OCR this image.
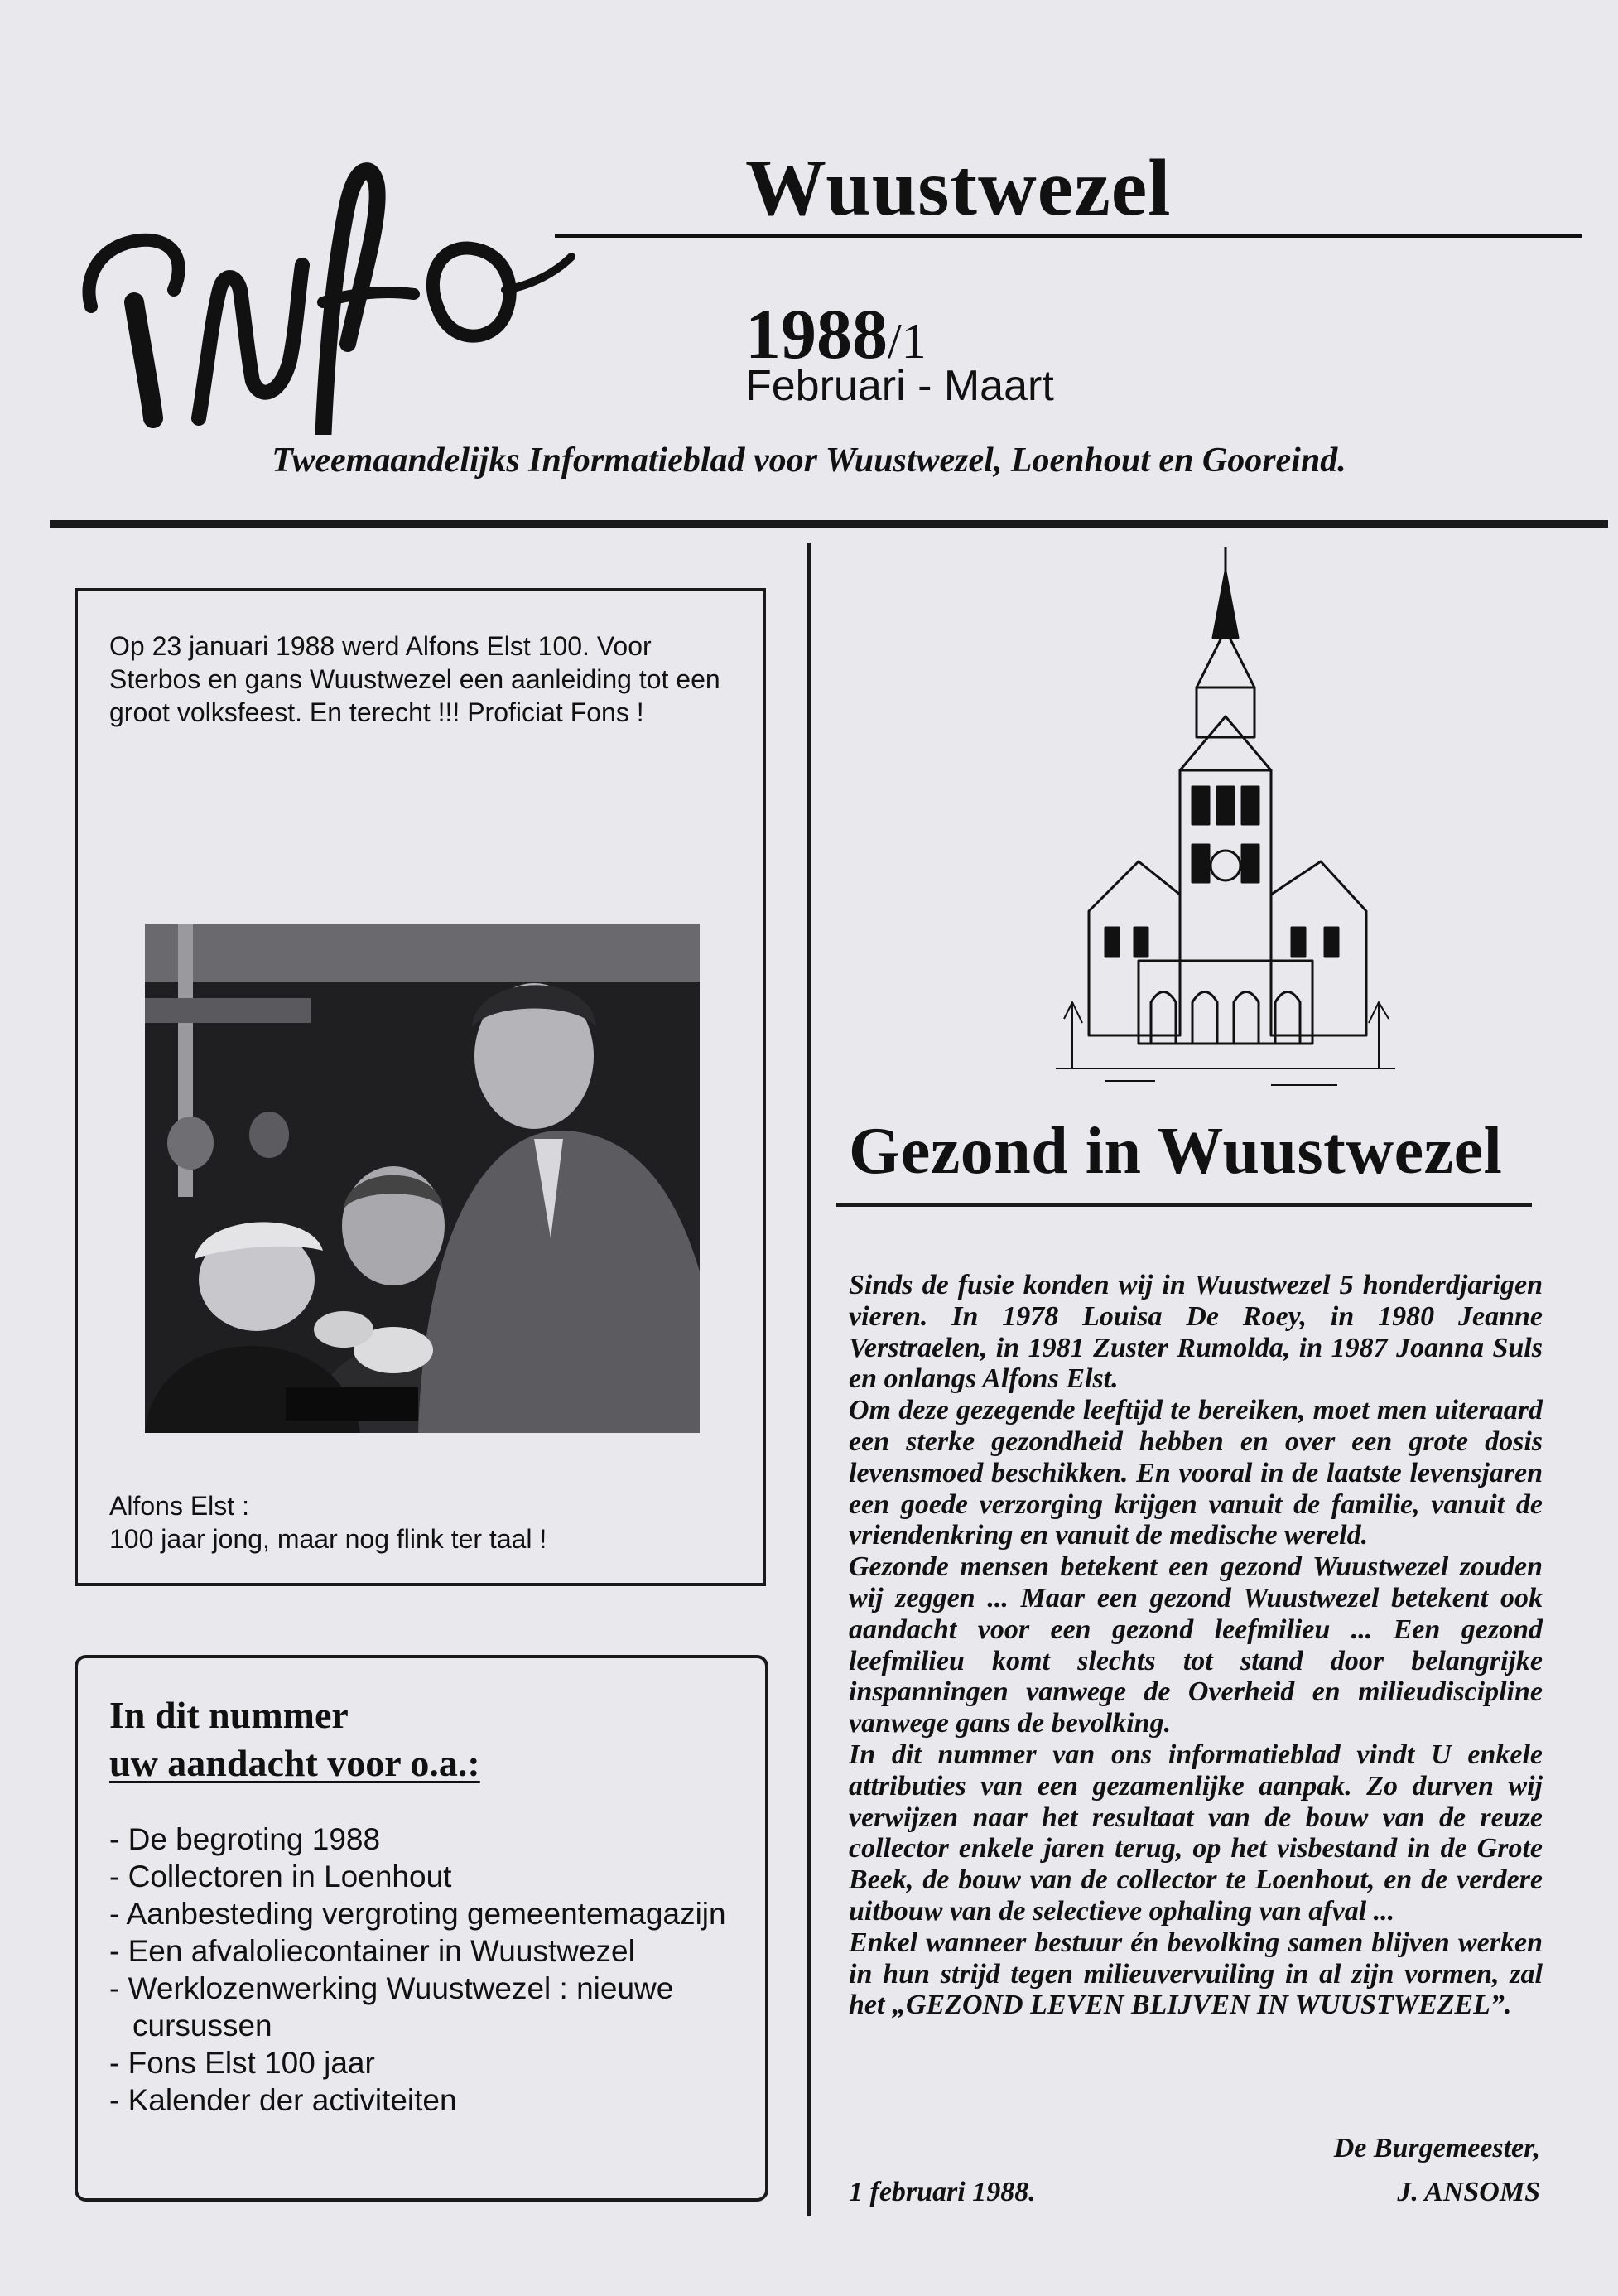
Wuustwezel
1988/1
Februari - Maart
Tweemaandelijks Informatieblad voor Wuustwezel, Loenhout en Gooreind.
Op 23 januari 1988 werd Alfons Elst 100. Voor Sterbos en gans Wuustwezel een aanleiding tot een groot volksfeest. En terecht !!! Proficiat Fons !
Alfons Elst :
100 jaar jong, maar nog flink ter taal !
In dit nummer
uw aandacht voor o.a.:
- De begroting 1988
- Collectoren in Loenhout
- Aanbesteding vergroting gemeentemagazijn
- Een afvaloliecontainer in Wuustwezel
- Werklozenwerking Wuustwezel : nieuwe cursussen
- Fons Elst 100 jaar
- Kalender der activiteiten
Gezond in Wuustwezel

Sinds de fusie konden wij in Wuustwezel 5 honderdjarigen vieren. In 1978 Louisa De Roey, in 1980 Jeanne Verstraelen, in 1981 Zuster Rumolda, in 1987 Joanna Suls en onlangs Alfons Elst.

Om deze gezegende leeftijd te bereiken, moet men uiteraard een sterke gezondheid hebben en over een grote dosis levensmoed beschikken. En vooral in de laatste levensjaren een goede verzorging krijgen vanuit de familie, vanuit de vriendenkring en vanuit de medische wereld.

Gezonde mensen betekent een gezond Wuustwezel zouden wij zeggen ... Maar een gezond Wuustwezel betekent ook aandacht voor een gezond leefmilieu ... Een gezond leefmilieu komt slechts tot stand door belangrijke inspanningen vanwege de Overheid en milieudiscipline vanwege gans de bevolking.

In dit nummer van ons informatieblad vindt U enkele attributies van een gezamenlijke aanpak. Zo durven wij verwijzen naar het resultaat van de bouw van de reuze collector enkele jaren terug, op het visbestand in de Grote Beek, de bouw van de collector te Loenhout, en de verdere uitbouw van de selectieve ophaling van afval ...

Enkel wanneer bestuur én bevolking samen blijven werken in hun strijd tegen milieuvervuiling in al zijn vormen, zal het „GEZOND LEVEN BLIJVEN IN WUUSTWEZEL”.

De Burgemeester,
1 februari 1988.	J. ANSOMS
